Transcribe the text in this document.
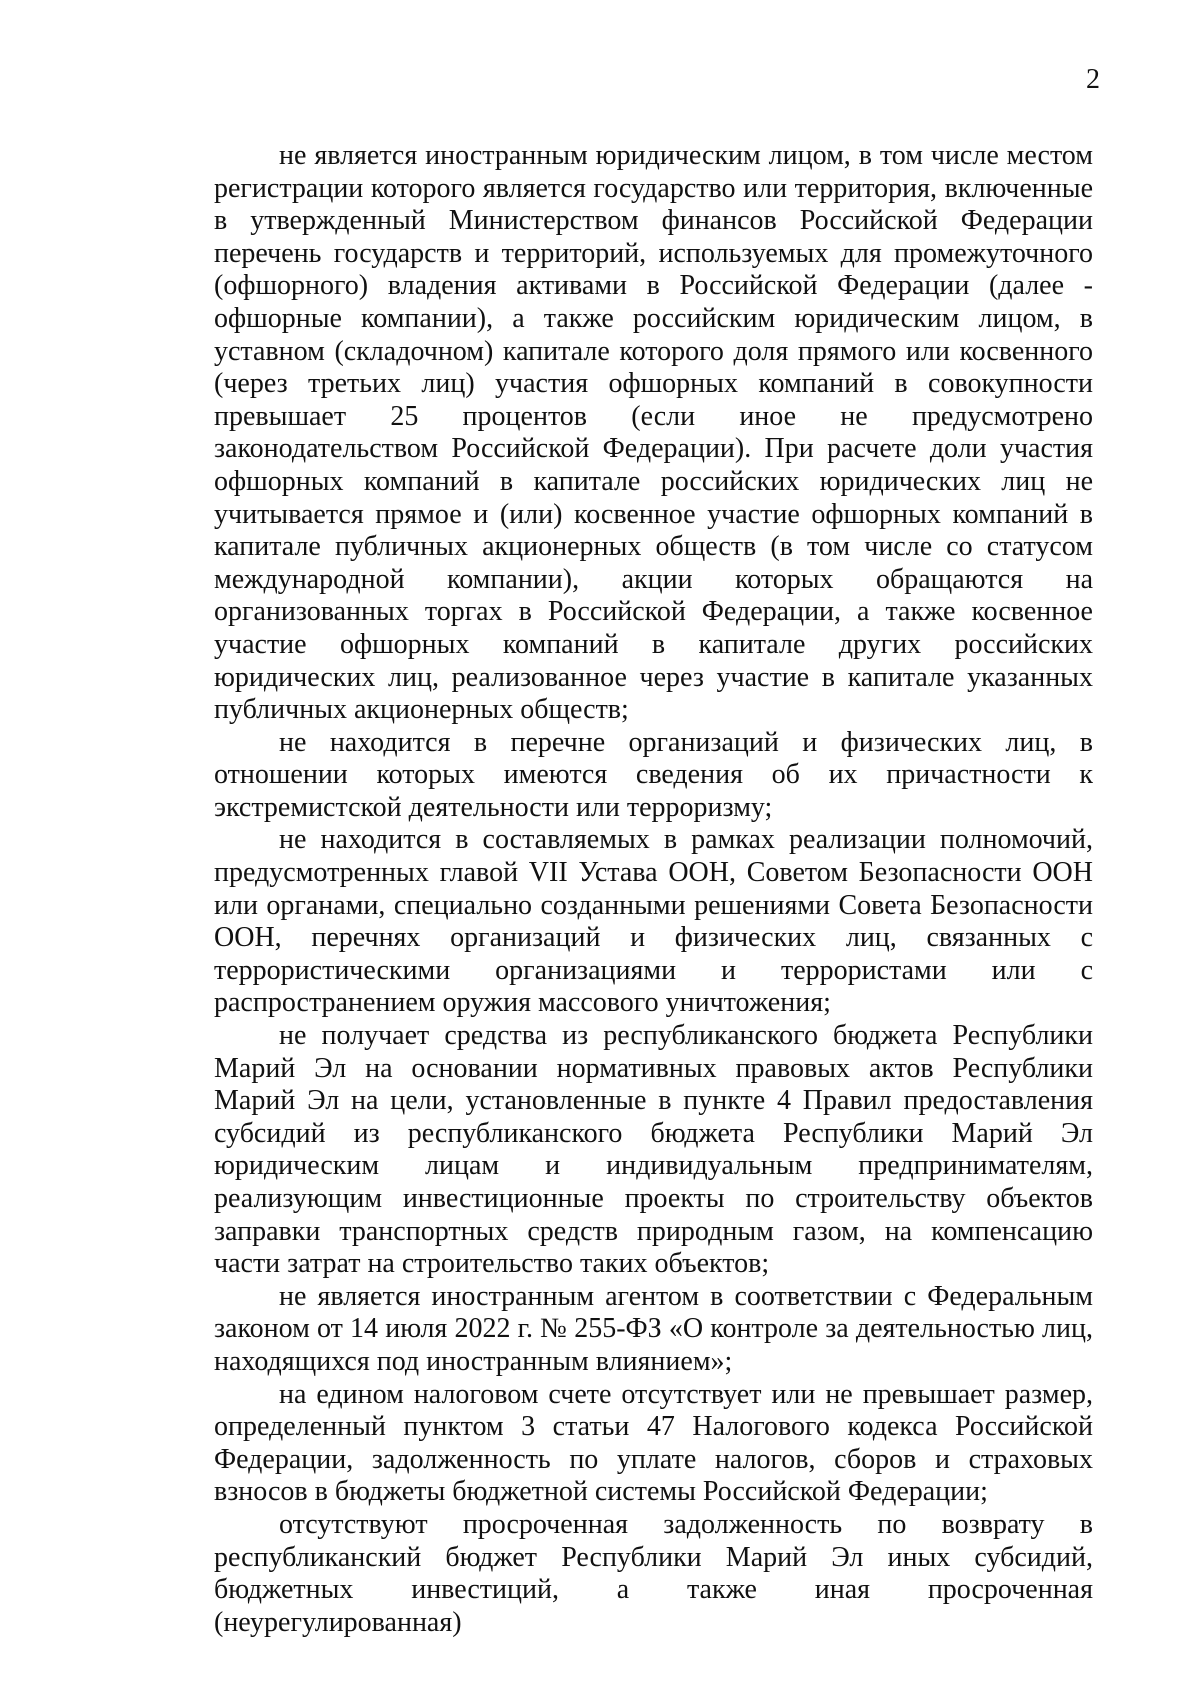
2

не является иностранным юридическим лицом, в том числе местом регистрации которого является государство или территория, включенные в утвержденный Министерством финансов Российской Федерации перечень государств и территорий, используемых для промежуточного (офшорного) владения активами в Российской Федерации (далее - офшорные компании), а также российским юридическим лицом, в уставном (складочном) капитале которого доля прямого или косвенного (через третьих лиц) участия офшорных компаний в совокупности превышает 25 процентов (если иное не предусмотрено законодательством Российской Федерации). При расчете доли участия офшорных компаний в капитале российских юридических лиц не учитывается прямое и (или) косвенное участие офшорных компаний в капитале публичных акционерных обществ (в том числе со статусом международной компании), акции которых обращаются на организованных торгах в Российской Федерации, а также косвенное участие офшорных компаний в капитале других российских юридических лиц, реализованное через участие в капитале указанных публичных акционерных обществ;

не находится в перечне организаций и физических лиц, в отношении которых имеются сведения об их причастности к экстремистской деятельности или терроризму;

не находится в составляемых в рамках реализации полномочий, предусмотренных главой VII Устава ООН, Советом Безопасности ООН или органами, специально созданными решениями Совета Безопасности ООН, перечнях организаций и физических лиц, связанных с террористическими организациями и террористами или с распространением оружия массового уничтожения;

не получает средства из республиканского бюджета Республики Марий Эл на основании нормативных правовых актов Республики Марий Эл на цели, установленные в пункте 4 Правил предоставления субсидий из республиканского бюджета Республики Марий Эл юридическим лицам и индивидуальным предпринимателям, реализующим инвестиционные проекты по строительству объектов заправки транспортных средств природным газом, на компенсацию части затрат на строительство таких объектов;

не является иностранным агентом в соответствии с Федеральным законом от 14 июля 2022 г. № 255-ФЗ «О контроле за деятельностью лиц, находящихся под иностранным влиянием»;

на едином налоговом счете отсутствует или не превышает размер, определенный пунктом 3 статьи 47 Налогового кодекса Российской Федерации, задолженность по уплате налогов, сборов и страховых взносов в бюджеты бюджетной системы Российской Федерации;

отсутствуют просроченная задолженность по возврату в республиканский бюджет Республики Марий Эл иных субсидий, бюджетных инвестиций, а также иная просроченная (неурегулированная)
